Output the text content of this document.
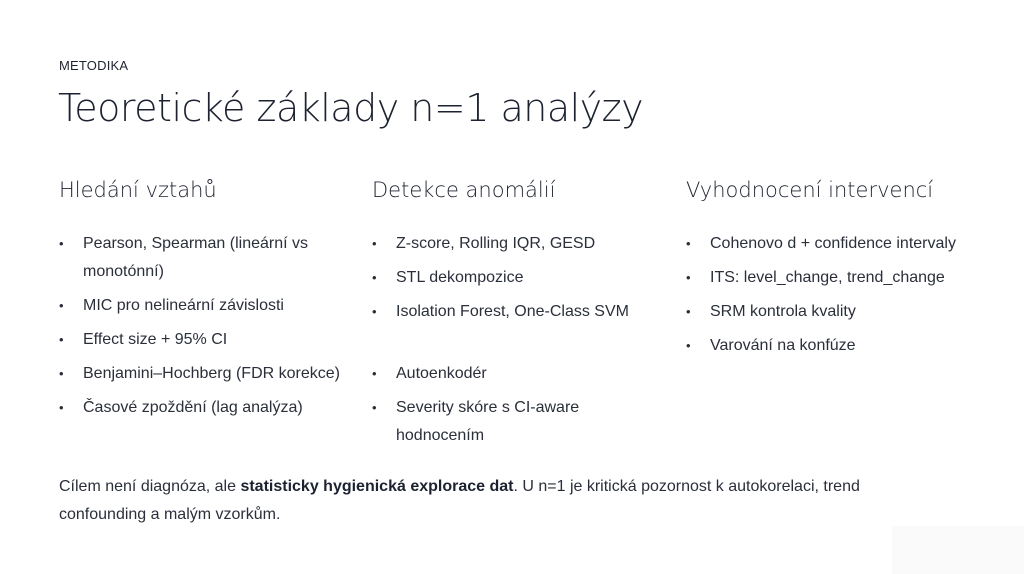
METODIKA
Teoretické základy n=1 analýzy
Hledání vztahů
•	Pearson, Spearman (lineární vs monotónní)
•	MIC pro nelineární závislosti
•	Effect size + 95% CI
•	Benjamini–Hochberg (FDR korekce)
•	Časové zpoždění (lag analýza)
Detekce anomálií
•	Z-score, Rolling IQR, GESD
•	STL dekompozice
•	Isolation Forest, One-Class SVM
•	Autoenkodér
•	Severity skóre s CI-aware hodnocením
Vyhodnocení intervencí
•	Cohenovo d + confidence intervaly
•	ITS: level_change, trend_change
•	SRM kontrola kvality
•	Varování na konfúze

Cílem není diagnóza, ale statisticky hygienická explorace dat. U n=1 je kritická pozornost k autokorelaci, trend confounding a malým vzorkům.
